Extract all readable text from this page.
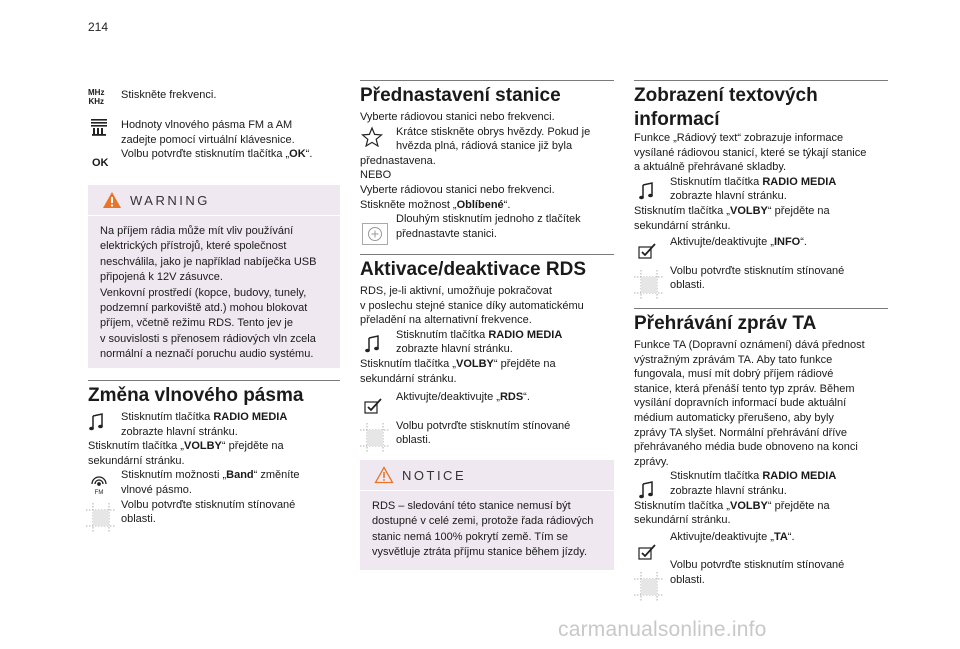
214
MHz
KHz
Stiskněte frekvenci.
Hodnoty vlnového pásma FM a AM
zadejte pomocí virtuální klávesnice.
Volbu potvrďte stisknutím tlačítka „OK“.
OK
WARNING
Na příjem rádia může mít vliv používání
elektrických přístrojů, které společnost
neschválila, jako je například nabíječka USB
připojená k 12V zásuvce.
Venkovní prostředí (kopce, budovy, tunely,
podzemní parkoviště atd.) mohou blokovat
příjem, včetně režimu RDS. Tento jev je
v souvislosti s přenosem rádiových vln zcela
normální a neznačí poruchu audio systému.
Změna vlnového pásma
Stisknutím tlačítka RADIO MEDIA
zobrazte hlavní stránku.
Stisknutím tlačítka „VOLBY“ přejděte na
sekundární stránku.
Stisknutím možnosti „Band“ změníte
vlnové pásmo.
Volbu potvrďte stisknutím stínované
oblasti.
FM
Přednastavení stanice
Vyberte rádiovou stanici nebo frekvenci.
Krátce stiskněte obrys hvězdy. Pokud je
hvězda plná, rádiová stanice již byla
přednastavena.
NEBO
Vyberte rádiovou stanici nebo frekvenci.
Stiskněte možnost „Oblíbené“.
Dlouhým stisknutím jednoho z tlačítek
přednastavte stanici.
Aktivace/deaktivace RDS
RDS, je-li aktivní, umožňuje pokračovat
v poslechu stejné stanice díky automatickému
přeladění na alternativní frekvence.
Stisknutím tlačítka RADIO MEDIA
zobrazte hlavní stránku.
Stisknutím tlačítka „VOLBY“ přejděte na
sekundární stránku.
Aktivujte/deaktivujte „RDS“.
Volbu potvrďte stisknutím stínované
oblasti.
NOTICE
RDS – sledování této stanice nemusí být
dostupné v celé zemi, protože řada rádiových
stanic nemá 100% pokrytí země. Tím se
vysvětluje ztráta příjmu stanice během jízdy.
Zobrazení textových
informací
Funkce „Rádiový text“ zobrazuje informace
vysílané rádiovou stanicí, které se týkají stanice
a aktuálně přehrávané skladby.
Stisknutím tlačítka RADIO MEDIA
zobrazte hlavní stránku.
Stisknutím tlačítka „VOLBY“ přejděte na
sekundární stránku.
Aktivujte/deaktivujte „INFO“.
Volbu potvrďte stisknutím stínované
oblasti.
Přehrávání zpráv TA
Funkce TA (Dopravní oznámení) dává přednost
výstražným zprávám TA. Aby tato funkce
fungovala, musí mít dobrý příjem rádiové
stanice, která přenáší tento typ zpráv. Během
vysílání dopravních informací bude aktuální
médium automaticky přerušeno, aby byly
zprávy TA slyšet. Normální přehrávání dříve
přehrávaného média bude obnoveno na konci
zprávy.
Stisknutím tlačítka RADIO MEDIA
zobrazte hlavní stránku.
Stisknutím tlačítka „VOLBY“ přejděte na
sekundární stránku.
Aktivujte/deaktivujte „TA“.
Volbu potvrďte stisknutím stínované
oblasti.
carmanualsonline.info
